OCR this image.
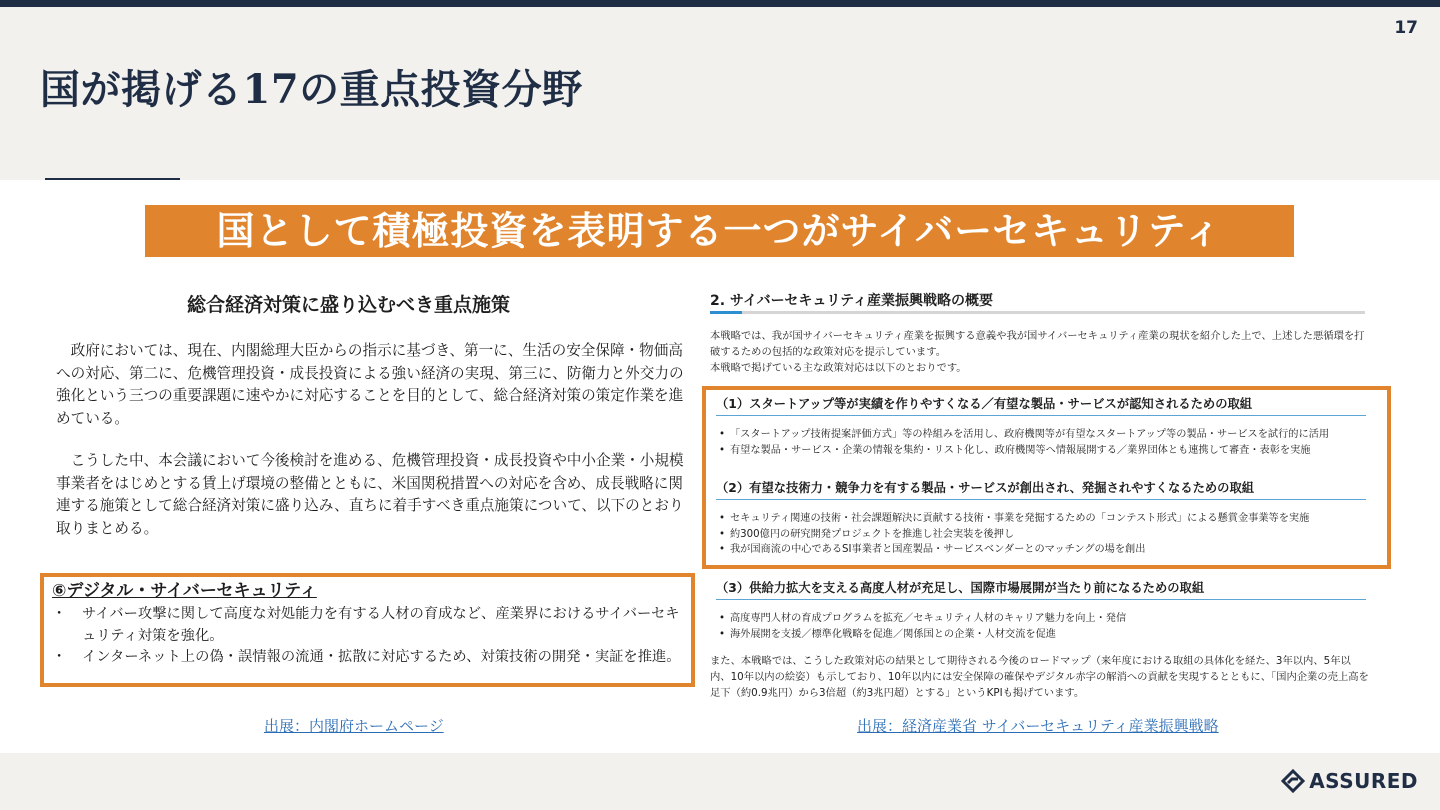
17
国が掲げる17の重点投資分野
国として積極投資を表明する一つがサイバーセキュリティ
総合経済対策に盛り込むべき重点施策

政府においては、現在、内閣総理大臣からの指示に基づき、第一に、生活の安全保障・物価高への対応、第二に、危機管理投資・成長投資による強い経済の実現、第三に、防衛力と外交力の強化という三つの重要課題に速やかに対応することを目的として、総合経済対策の策定作業を進めている。

こうした中、本会議において今後検討を進める、危機管理投資・成長投資や中小企業・小規模事業者をはじめとする賃上げ環境の整備とともに、米国関税措置への対応を含め、成長戦略に関連する施策として総合経済対策に盛り込み、直ちに着手すべき重点施策について、以下のとおり取りまとめる。

⑥デジタル・サイバーセキュリティ
・ サイバー攻撃に関して高度な対処能力を有する人材の育成など、産業界におけるサイバーセキュリティ対策を強化。
・ インターネット上の偽・誤情報の流通・拡散に対応するため、対策技術の開発・実証を推進。
出展：内閣府ホームページ
2. サイバーセキュリティ産業振興戦略の概要
本戦略では、我が国サイバーセキュリティ産業を振興する意義や我が国サイバーセキュリティ産業の現状を紹介した上で、上述した悪循環を打破するための包括的な政策対応を提示しています。
本戦略で掲げている主な政策対応は以下のとおりです。
（1）スタートアップ等が実績を作りやすくなる／有望な製品・サービスが認知されるための取組
• 「スタートアップ技術提案評価方式」等の枠組みを活用し、政府機関等が有望なスタートアップ等の製品・サービスを試行的に活用
• 有望な製品・サービス・企業の情報を集約・リスト化し、政府機関等へ情報展開する／業界団体とも連携して審査・表彰を実施
（2）有望な技術力・競争力を有する製品・サービスが創出され、発掘されやすくなるための取組
• セキュリティ関連の技術・社会課題解決に貢献する技術・事業を発掘するための「コンテスト形式」による懸賞金事業等を実施
• 約300億円の研究開発プロジェクトを推進し社会実装を後押し
• 我が国商流の中心であるSI事業者と国産製品・サービスベンダーとのマッチングの場を創出
（3）供給力拡大を支える高度人材が充足し、国際市場展開が当たり前になるための取組
• 高度専門人材の育成プログラムを拡充／セキュリティ人材のキャリア魅力を向上・発信
• 海外展開を支援／標準化戦略を促進／関係国との企業・人材交流を促進

また、本戦略では、こうした政策対応の結果として期待される今後のロードマップ（来年度における取組の具体化を経た、3年以内、5年以内、10年以内の絵姿）も示しており、10年以内には安全保障の確保やデジタル赤字の解消への貢献を実現するとともに、「国内企業の売上高を足下（約0.9兆円）から3倍超（約3兆円超）とする」というKPIも掲げています。

出展：経済産業省 サイバーセキュリティ産業振興戦略
ASSURED
